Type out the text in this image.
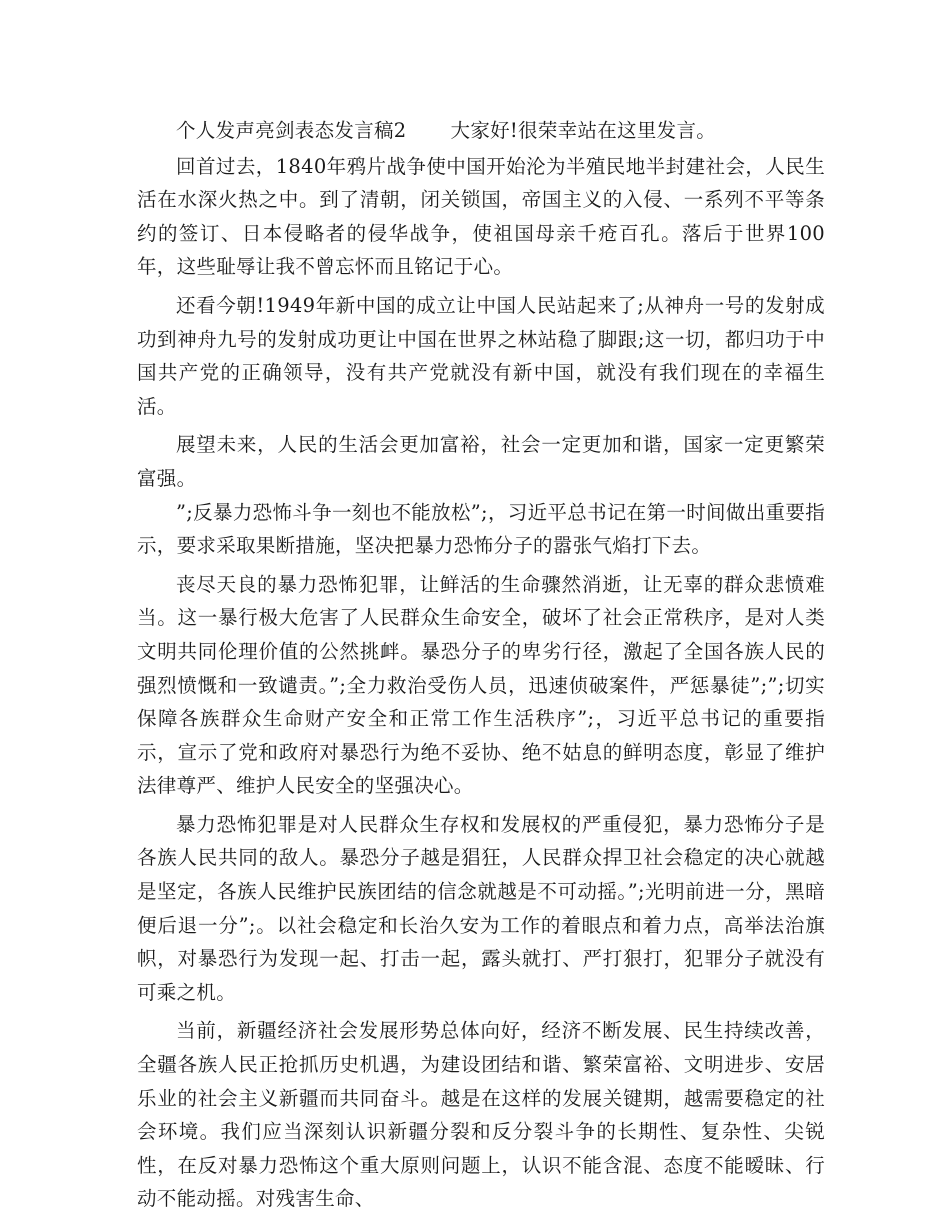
个人发声亮剑表态发言稿2 大家好!很荣幸站在这里发言。

回首过去，1840年鸦片战争使中国开始沦为半殖民地半封建社会，人民生活在水深火热之中。到了清朝，闭关锁国，帝国主义的入侵、一系列不平等条约的签订、日本侵略者的侵华战争，使祖国母亲千疮百孔。落后于世界100年，这些耻辱让我不曾忘怀而且铭记于心。

还看今朝!1949年新中国的成立让中国人民站起来了;从神舟一号的发射成功到神舟九号的发射成功更让中国在世界之林站稳了脚跟;这一切，都归功于中国共产党的正确领导，没有共产党就没有新中国，就没有我们现在的幸福生活。

展望未来，人民的生活会更加富裕，社会一定更加和谐，国家一定更繁荣富强。

”;反暴力恐怖斗争一刻也不能放松”;，习近平总书记在第一时间做出重要指示，要求采取果断措施，坚决把暴力恐怖分子的嚣张气焰打下去。

丧尽天良的暴力恐怖犯罪，让鲜活的生命骤然消逝，让无辜的群众悲愤难当。这一暴行极大危害了人民群众生命安全，破坏了社会正常秩序，是对人类文明共同伦理价值的公然挑衅。暴恐分子的卑劣行径，激起了全国各族人民的强烈愤慨和一致谴责。”;全力救治受伤人员，迅速侦破案件，严惩暴徒”;”;切实保障各族群众生命财产安全和正常工作生活秩序”;，习近平总书记的重要指示，宣示了党和政府对暴恐行为绝不妥协、绝不姑息的鲜明态度，彰显了维护法律尊严、维护人民安全的坚强决心。

暴力恐怖犯罪是对人民群众生存权和发展权的严重侵犯，暴力恐怖分子是各族人民共同的敌人。暴恐分子越是猖狂，人民群众捍卫社会稳定的决心就越是坚定，各族人民维护民族团结的信念就越是不可动摇。”;光明前进一分，黑暗便后退一分”;。以社会稳定和长治久安为工作的着眼点和着力点，高举法治旗帜，对暴恐行为发现一起、打击一起，露头就打、严打狠打，犯罪分子就没有可乘之机。

当前，新疆经济社会发展形势总体向好，经济不断发展、民生持续改善，全疆各族人民正抢抓历史机遇，为建设团结和谐、繁荣富裕、文明进步、安居乐业的社会主义新疆而共同奋斗。越是在这样的发展关键期，越需要稳定的社会环境。我们应当深刻认识新疆分裂和反分裂斗争的长期性、复杂性、尖锐性，在反对暴力恐怖这个重大原则问题上，认识不能含混、态度不能暧昧、行动不能动摇。对残害生命、
